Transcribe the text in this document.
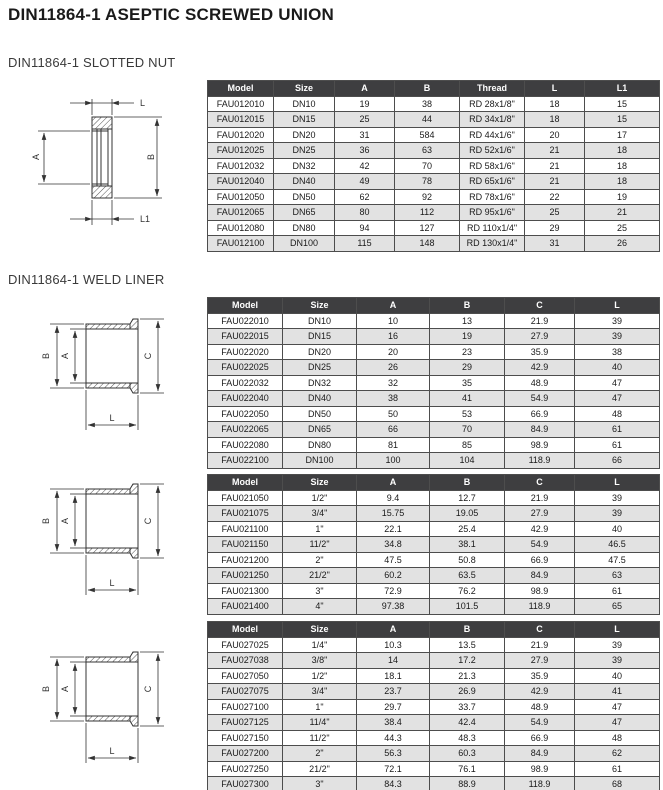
DIN11864-1 ASEPTIC SCREWED UNION
DIN11864-1 SLOTTED NUT
L
B
A
L1
Model	Size	A	B	Thread	L	L1
FAU012010	DN10	19	38	RD 28x1/8"	18	15
FAU012015	DN15	25	44	RD 34x1/8"	18	15
FAU012020	DN20	31	584	RD 44x1/6"	20	17
FAU012025	DN25	36	63	RD 52x1/6"	21	18
FAU012032	DN32	42	70	RD 58x1/6"	21	18
FAU012040	DN40	49	78	RD 65x1/6"	21	18
FAU012050	DN50	62	92	RD 78x1/6"	22	19
FAU012065	DN65	80	112	RD 95x1/6"	25	21
FAU012080	DN80	94	127	RD 110x1/4"	29	25
FAU012100	DN100	115	148	RD 130x1/4"	31	26
DIN11864-1 WELD LINER
B A	C
L
B A	C
L
B A	C
L
Model	Size	A	B	C	L
FAU022010	DN10	10	13	21.9	39
FAU022015	DN15	16	19	27.9	39
FAU022020	DN20	20	23	35.9	38
FAU022025	DN25	26	29	42.9	40
FAU022032	DN32	32	35	48.9	47
FAU022040	DN40	38	41	54.9	47
FAU022050	DN50	50	53	66.9	48
FAU022065	DN65	66	70	84.9	61
FAU022080	DN80	81	85	98.9	61
FAU022100	DN100	100	104	118.9	66
Model	Size	A	B	C	L
FAU021050	1/2"	9.4	12.7	21.9	39
FAU021075	3/4"	15.75	19.05	27.9	39
FAU021100	1"	22.1	25.4	42.9	40
FAU021150	11/2"	34.8	38.1	54.9	46.5
FAU021200	2"	47.5	50.8	66.9	47.5
FAU021250	21/2"	60.2	63.5	84.9	63
FAU021300	3"	72.9	76.2	98.9	61
FAU021400	4"	97.38	101.5	118.9	65
Model	Size	A	B	C	L
FAU027025	1/4"	10.3	13.5	21.9	39
FAU027038	3/8"	14	17.2	27.9	39
FAU027050	1/2"	18.1	21.3	35.9	40
FAU027075	3/4"	23.7	26.9	42.9	41
FAU027100	1"	29.7	33.7	48.9	47
FAU027125	11/4"	38.4	42.4	54.9	47
FAU027150	11/2"	44.3	48.3	66.9	48
FAU027200	2"	56.3	60.3	84.9	62
FAU027250	21/2"	72.1	76.1	98.9	61
FAU027300	3"	84.3	88.9	118.9	68
